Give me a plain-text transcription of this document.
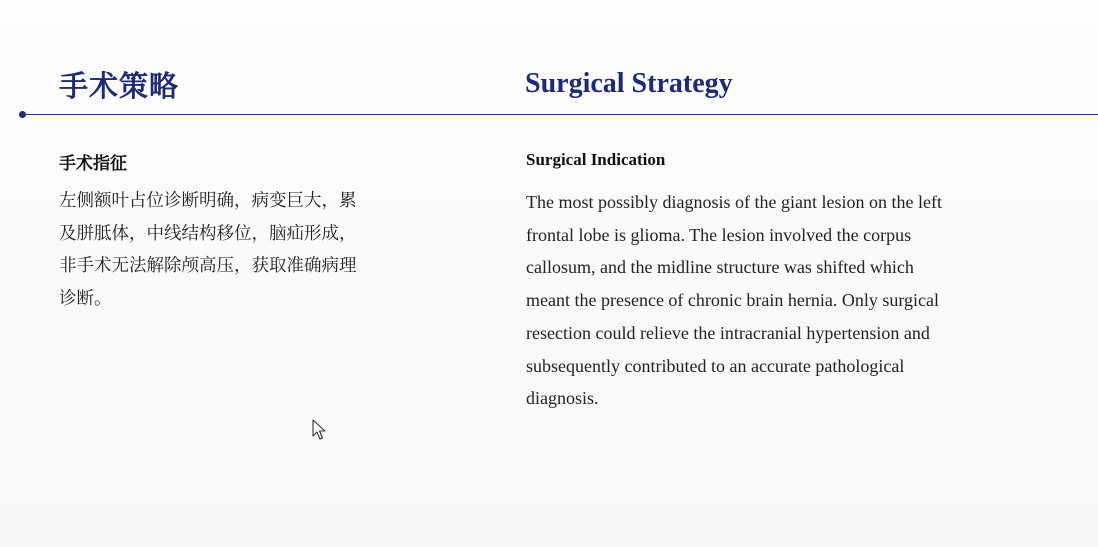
手术策略	Surgical Strategy
手术指征
左侧额叶占位诊断明确，病变巨大，累
及胼胝体，中线结构移位，脑疝形成，
非手术无法解除颅高压，获取准确病理
诊断。
Surgical Indication
The most possibly diagnosis of the giant lesion on the left
frontal lobe is glioma. The lesion involved the corpus
callosum, and the midline structure was shifted which
meant the presence of chronic brain hernia. Only surgical
resection could relieve the intracranial hypertension and
subsequently contributed to an accurate pathological
diagnosis.
